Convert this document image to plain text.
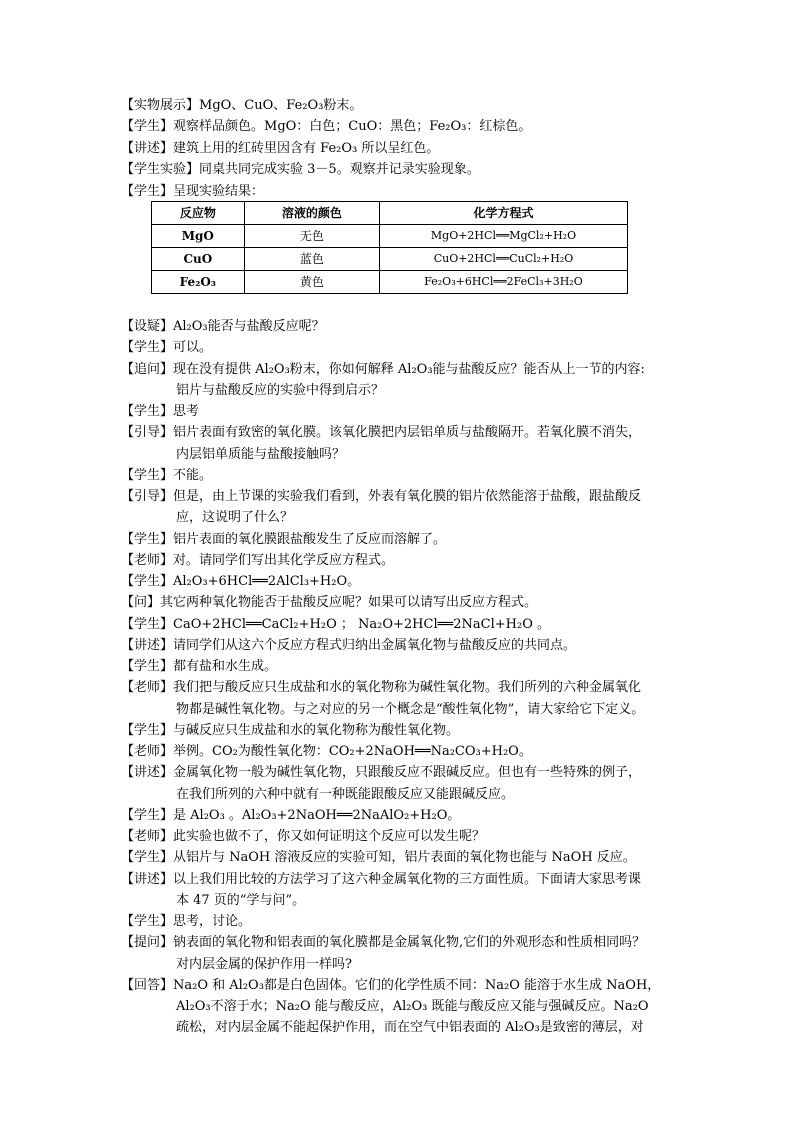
【实物展示】MgO、CuO、Fe₂O₃粉末。
【学生】观察样品颜色。MgO：白色；CuO：黑色；Fe₂O₃：红棕色。
【讲述】建筑上用的红砖里因含有 Fe₂O₃ 所以呈红色。
【学生实验】同桌共同完成实验 3－5。观察并记录实验现象。
【学生】呈现实验结果：
反应物	溶液的颜色	化学方程式
MgO	无色	MgO+2HCl══MgCl₂+H₂O
CuO	蓝色	CuO+2HCl══CuCl₂+H₂O
Fe₂O₃	黄色	Fe₂O₃+6HCl══2FeCl₃+3H₂O
【设疑】Al₂O₃能否与盐酸反应呢？
【学生】可以。
【追问】现在没有提供 Al₂O₃粉末，你如何解释 Al₂O₃能与盐酸反应？能否从上一节的内容:
铝片与盐酸反应的实验中得到启示？
【学生】思考
【引导】铝片表面有致密的氧化膜。该氧化膜把内层铝单质与盐酸隔开。若氧化膜不消失，
内层铝单质能与盐酸接触吗？
【学生】不能。
【引导】但是，由上节课的实验我们看到，外表有氧化膜的铝片依然能溶于盐酸，跟盐酸反
应，这说明了什么？
【学生】铝片表面的氧化膜跟盐酸发生了反应而溶解了。
【老师】对。请同学们写出其化学反应方程式。
【学生】Al₂O₃+6HCl══2AlCl₃+H₂O。
【问】其它两种氧化物能否于盐酸反应呢？如果可以请写出反应方程式。
【学生】CaO+2HCl══CaCl₂+H₂O ； Na₂O+2HCl══2NaCl+H₂O 。
【讲述】请同学们从这六个反应方程式归纳出金属氧化物与盐酸反应的共同点。
【学生】都有盐和水生成。
【老师】我们把与酸反应只生成盐和水的氧化物称为碱性氧化物。我们所列的六种金属氧化
物都是碱性氧化物。与之对应的另一个概念是“酸性氧化物”，请大家给它下定义。
【学生】与碱反应只生成盐和水的氧化物称为酸性氧化物。
【老师】举例。CO₂为酸性氧化物：CO₂+2NaOH══Na₂CO₃+H₂O。
【讲述】金属氧化物一般为碱性氧化物，只跟酸反应不跟碱反应。但也有一些特殊的例子，
在我们所列的六种中就有一种既能跟酸反应又能跟碱反应。
【学生】是 Al₂O₃ 。Al₂O₃+2NaOH══2NaAlO₂+H₂O。
【老师】此实验也做不了，你又如何证明这个反应可以发生呢？
【学生】从铝片与 NaOH 溶液反应的实验可知，铝片表面的氧化物也能与 NaOH 反应。
【讲述】以上我们用比较的方法学习了这六种金属氧化物的三方面性质。下面请大家思考课
本 47 页的“学与问”。
【学生】思考，讨论。
【提问】钠表面的氧化物和铝表面的氧化膜都是金属氧化物,它们的外观形态和性质相同吗？
对内层金属的保护作用一样吗?
【回答】Na₂O 和 Al₂O₃都是白色固体。它们的化学性质不同：Na₂O 能溶于水生成 NaOH，
Al₂O₃不溶于水；Na₂O 能与酸反应，Al₂O₃ 既能与酸反应又能与强碱反应。Na₂O
疏松，对内层金属不能起保护作用，而在空气中铝表面的 Al₂O₃是致密的薄层，对
